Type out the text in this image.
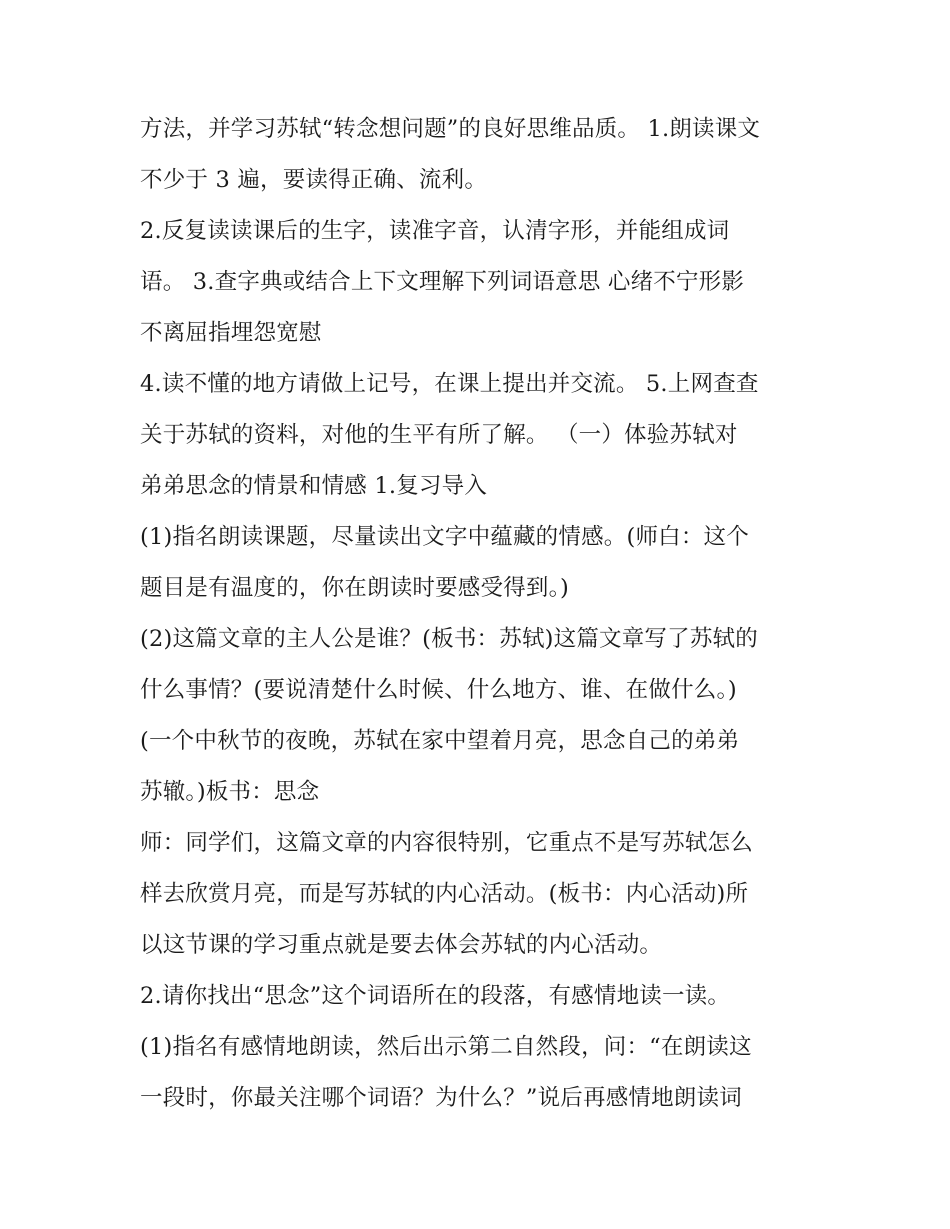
方法，并学习苏轼“转念想问题”的良好思维品质。 1.朗读课文
不少于 3 遍，要读得正确、流利。
2.反复读读课后的生字，读准字音，认清字形，并能组成词
语。 3.查字典或结合上下文理解下列词语意思 心绪不宁形影
不离屈指埋怨宽慰
4.读不懂的地方请做上记号，在课上提出并交流。 5.上网查查
关于苏轼的资料，对他的生平有所了解。 （一）体验苏轼对
弟弟思念的情景和情感 1.复习导入
(1)指名朗读课题，尽量读出文字中蕴藏的情感。(师白：这个
题目是有温度的，你在朗读时要感受得到。)
(2)这篇文章的主人公是谁？(板书：苏轼)这篇文章写了苏轼的
什么事情？(要说清楚什么时候、什么地方、谁、在做什么。)
(一个中秋节的夜晚，苏轼在家中望着月亮，思念自己的弟弟
苏辙。)板书：思念
师：同学们，这篇文章的内容很特别，它重点不是写苏轼怎么
样去欣赏月亮，而是写苏轼的内心活动。(板书：内心活动)所
以这节课的学习重点就是要去体会苏轼的内心活动。
2.请你找出“思念”这个词语所在的段落，有感情地读一读。
(1)指名有感情地朗读，然后出示第二自然段，问：“在朗读这
一段时，你最关注哪个词语？为什么？”说后再感情地朗读词
